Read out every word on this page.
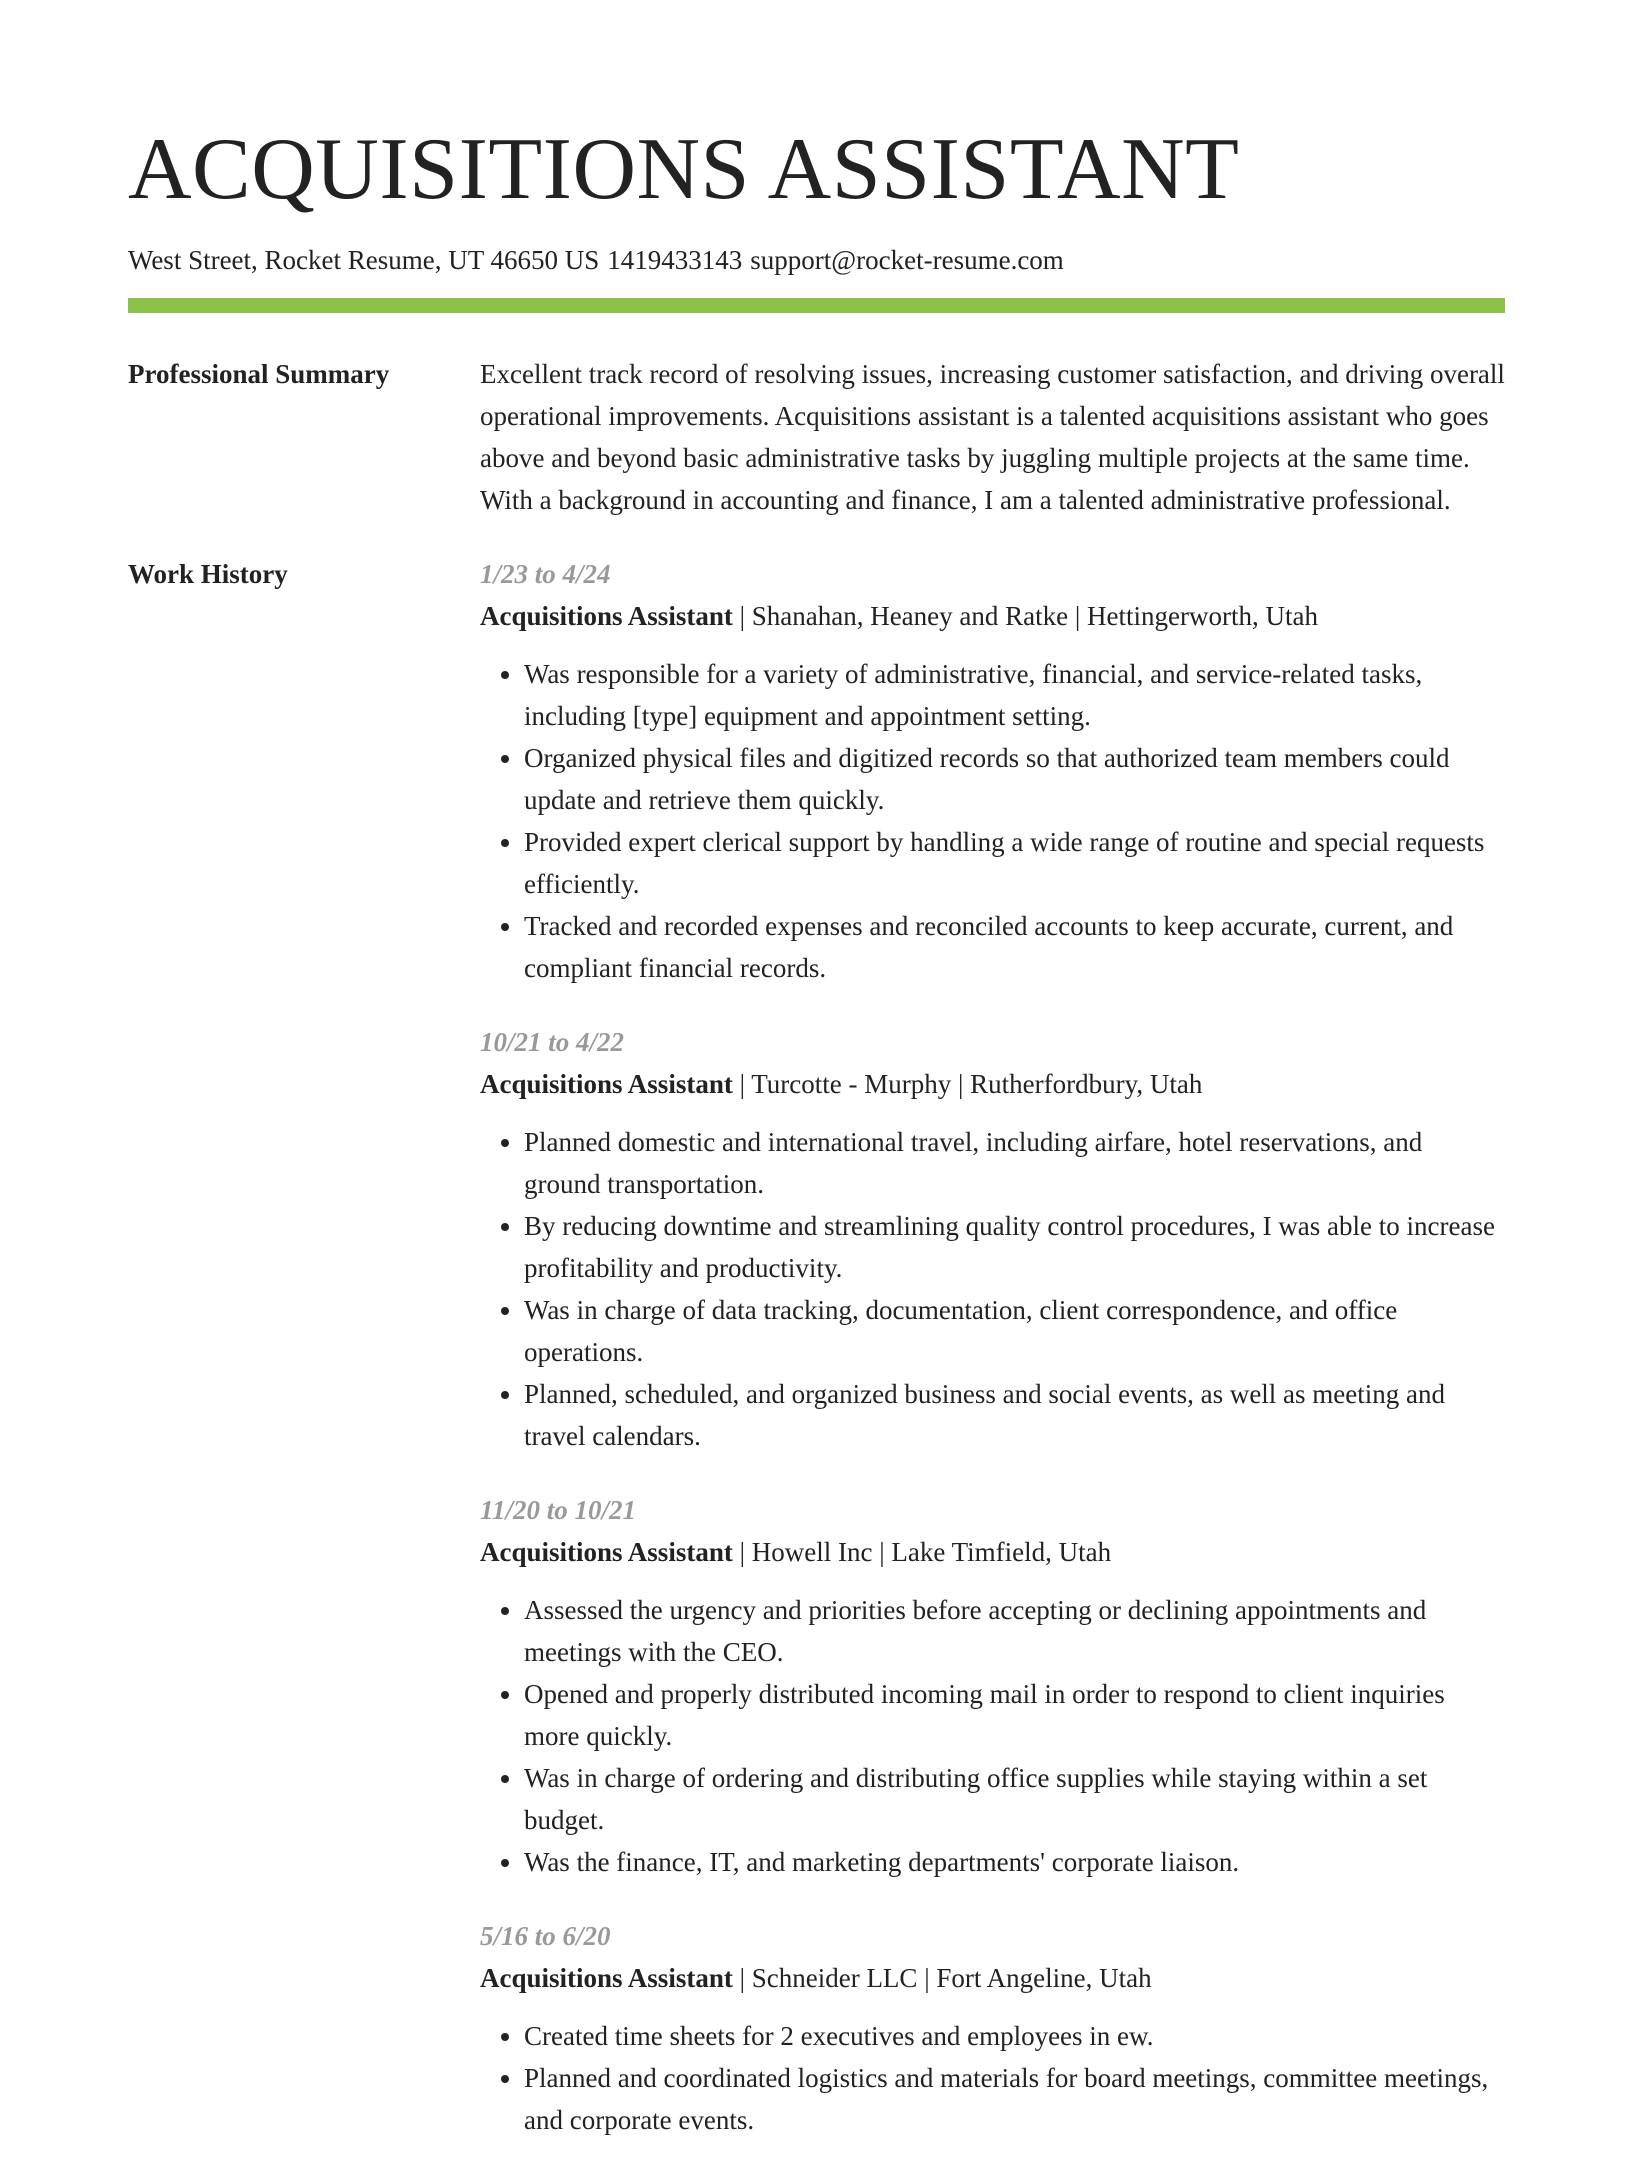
ACQUISITIONS ASSISTANT
West Street, Rocket Resume, UT 46650 US 1419433143 support@rocket-resume.com
Professional Summary	Excellent track record of resolving issues, increasing customer satisfaction, and driving overall operational improvements. Acquisitions assistant is a talented acquisitions assistant who goes above and beyond basic administrative tasks by juggling multiple projects at the same time. With a background in accounting and finance, I am a talented administrative professional.
Work History	1/23 to 4/24
Acquisitions Assistant | Shanahan, Heaney and Ratke | Hettingerworth, Utah
• Was responsible for a variety of administrative, financial, and service-related tasks, including [type] equipment and appointment setting.
• Organized physical files and digitized records so that authorized team members could update and retrieve them quickly.
• Provided expert clerical support by handling a wide range of routine and special requests efficiently.
• Tracked and recorded expenses and reconciled accounts to keep accurate, current, and compliant financial records.
10/21 to 4/22
Acquisitions Assistant | Turcotte - Murphy | Rutherfordbury, Utah
• Planned domestic and international travel, including airfare, hotel reservations, and ground transportation.
• By reducing downtime and streamlining quality control procedures, I was able to increase profitability and productivity.
• Was in charge of data tracking, documentation, client correspondence, and office operations.
• Planned, scheduled, and organized business and social events, as well as meeting and travel calendars.
11/20 to 10/21
Acquisitions Assistant | Howell Inc | Lake Timfield, Utah
• Assessed the urgency and priorities before accepting or declining appointments and meetings with the CEO.
• Opened and properly distributed incoming mail in order to respond to client inquiries more quickly.
• Was in charge of ordering and distributing office supplies while staying within a set budget.
• Was the finance, IT, and marketing departments' corporate liaison.
5/16 to 6/20
Acquisitions Assistant | Schneider LLC | Fort Angeline, Utah
• Created time sheets for 2 executives and employees in ew.
• Planned and coordinated logistics and materials for board meetings, committee meetings, and corporate events.
